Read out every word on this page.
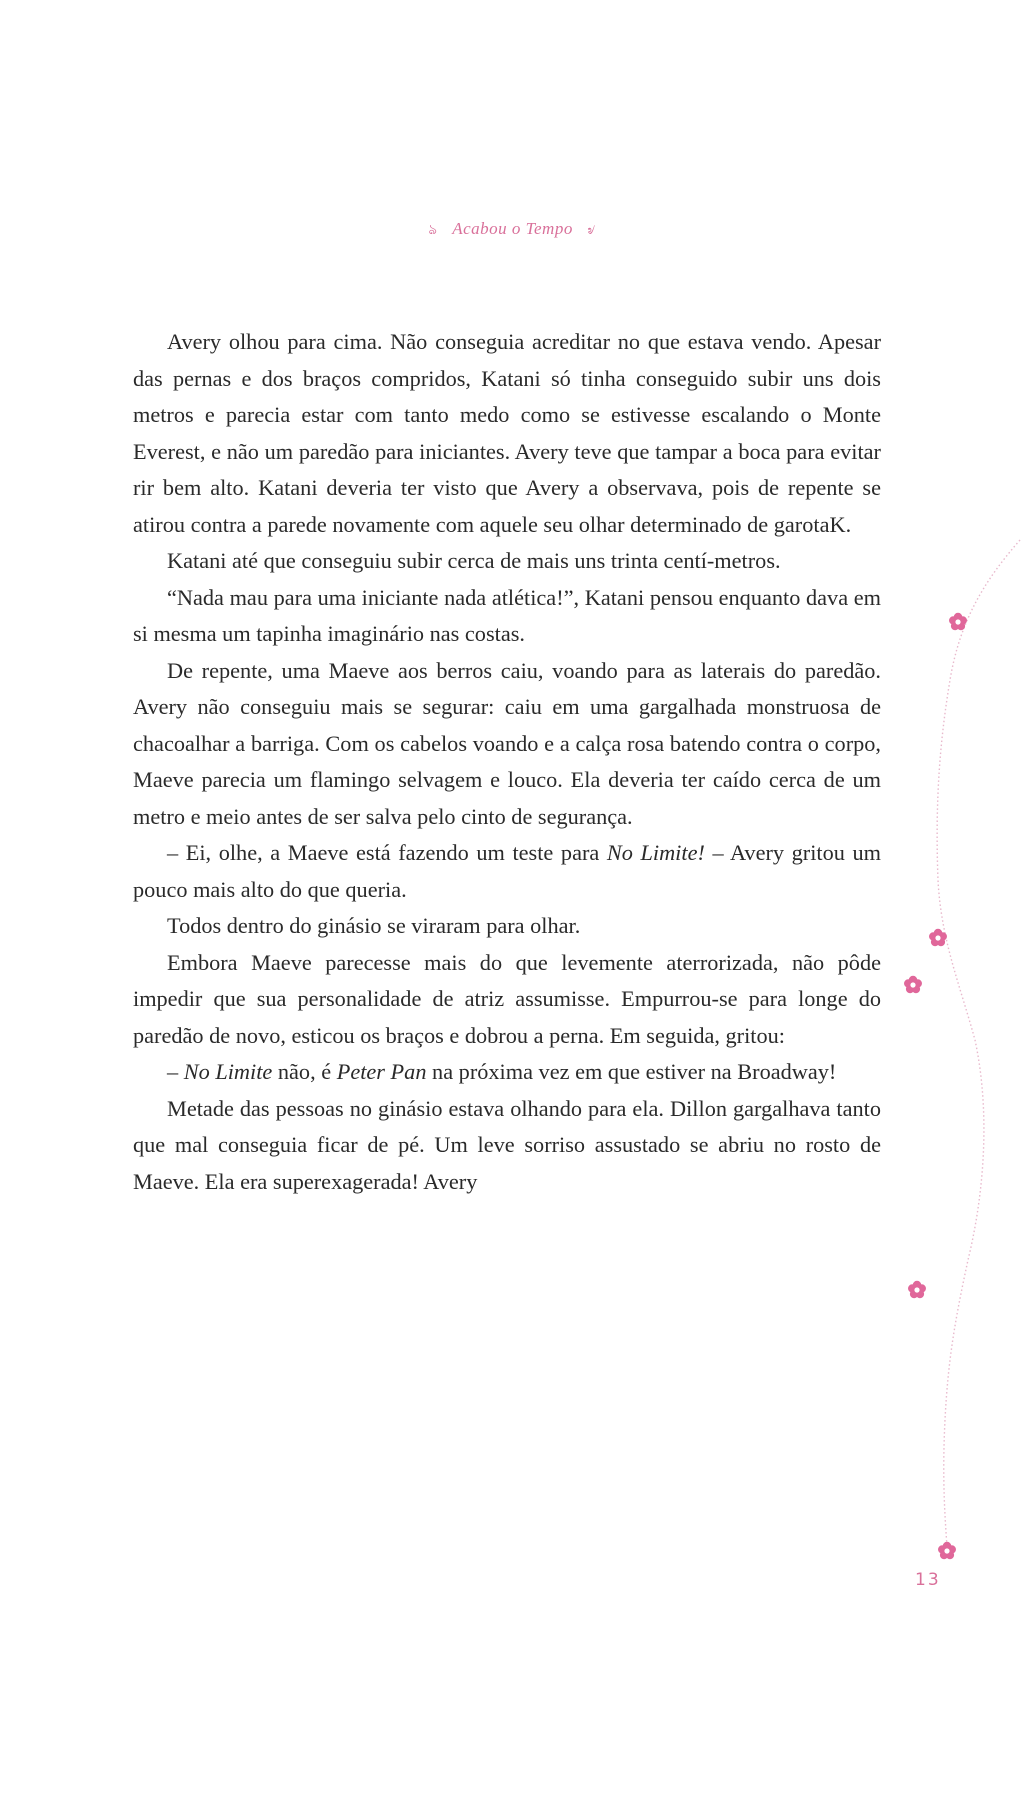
ঌ Acabou o Tempo ৶

Avery olhou para cima. Não conseguia acreditar no que estava vendo. Apesar das pernas e dos braços compridos, Katani só tinha conseguido subir uns dois metros e parecia estar com tanto medo como se estivesse escalando o Monte Everest, e não um paredão para iniciantes. Avery teve que tampar a boca para evitar rir bem alto. Katani deveria ter visto que Avery a observava, pois de repente se atirou contra a parede novamente com aquele seu olhar determinado de garotaK.

Katani até que conseguiu subir cerca de mais uns trinta centí-metros.

“Nada mau para uma iniciante nada atlética!”, Katani pensou enquanto dava em si mesma um tapinha imaginário nas costas.

De repente, uma Maeve aos berros caiu, voando para as laterais do paredão. Avery não conseguiu mais se segurar: caiu em uma gargalhada monstruosa de chacoalhar a barriga. Com os cabelos voando e a calça rosa batendo contra o corpo, Maeve parecia um flamingo selvagem e louco. Ela deveria ter caído cerca de um metro e meio antes de ser salva pelo cinto de segurança.

– Ei, olhe, a Maeve está fazendo um teste para No Limite! – Avery gritou um pouco mais alto do que queria.

Todos dentro do ginásio se viraram para olhar.

Embora Maeve parecesse mais do que levemente aterrorizada, não pôde impedir que sua personalidade de atriz assumisse. Empurrou-se para longe do paredão de novo, esticou os braços e dobrou a perna. Em seguida, gritou:

– No Limite não, é Peter Pan na próxima vez em que estiver na Broadway!

Metade das pessoas no ginásio estava olhando para ela. Dillon gargalhava tanto que mal conseguia ficar de pé. Um leve sorriso assustado se abriu no rosto de Maeve. Ela era superexagerada! Avery

13
